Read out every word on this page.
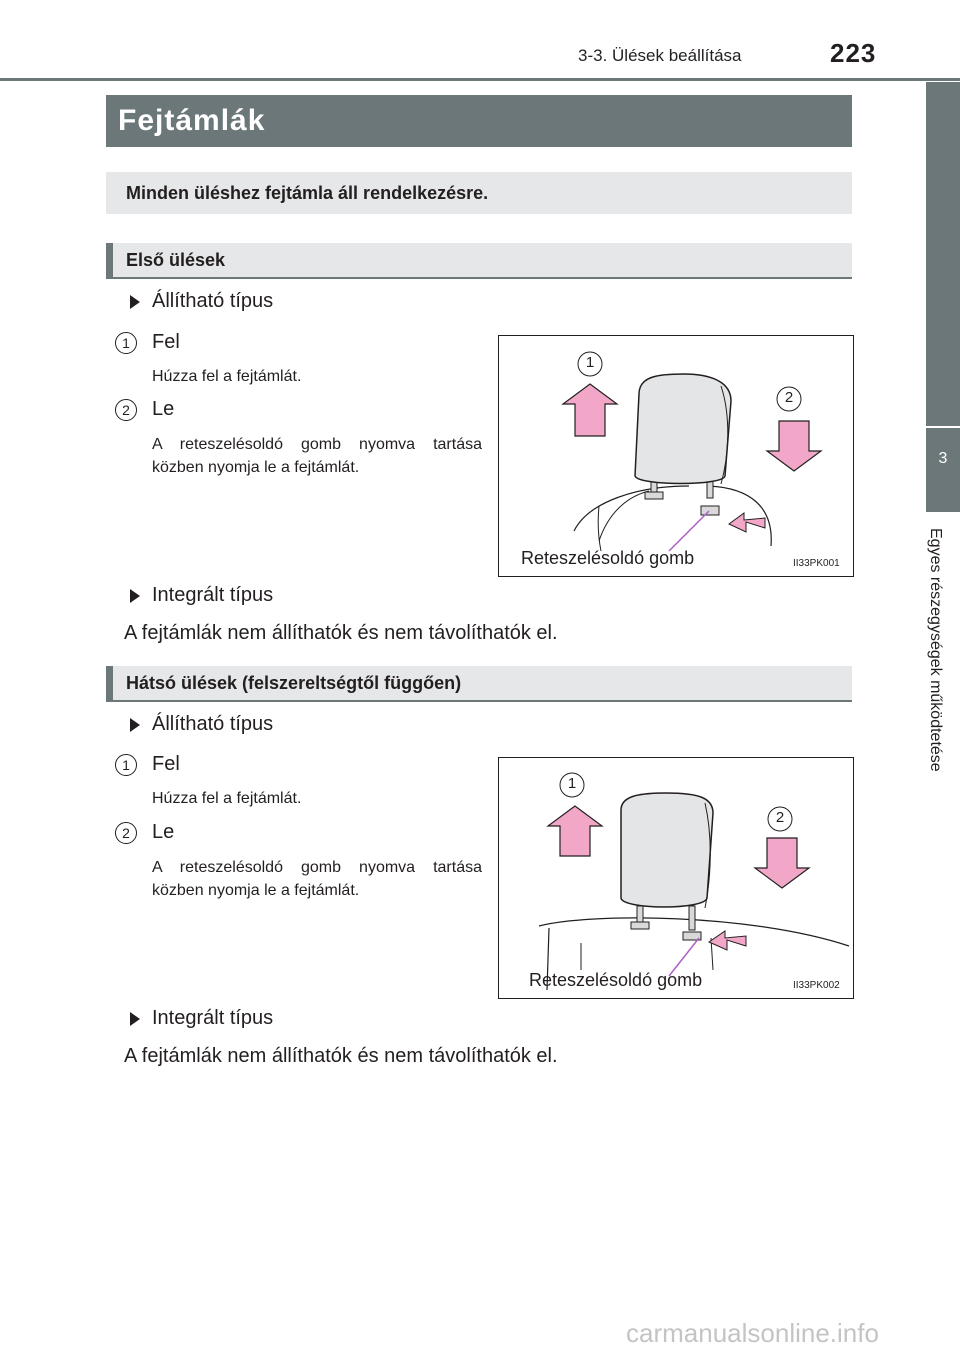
3-3. Ülések beállítása	223
3
Egyes részegységek működtetése
Fejtámlák
Minden üléshez fejtámla áll rendelkezésre.
Első ülések
Állítható típus
1	Fel
Húzza fel a fejtámlát.
2	Le
A reteszelésoldó gomb nyomva tartása közben nyomja le a fejtámlát.
1
2
Reteszelésoldó gomb	II33PK001
Integrált típus
A fejtámlák nem állíthatók és nem távolíthatók el.
Hátsó ülések (felszereltségtől függően)
Állítható típus
1	Fel
Húzza fel a fejtámlát.
2	Le
A reteszelésoldó gomb nyomva tartása közben nyomja le a fejtámlát.
1
2
Reteszelésoldó gomb	II33PK002
Integrált típus
A fejtámlák nem állíthatók és nem távolíthatók el.
carmanualsonline.info
